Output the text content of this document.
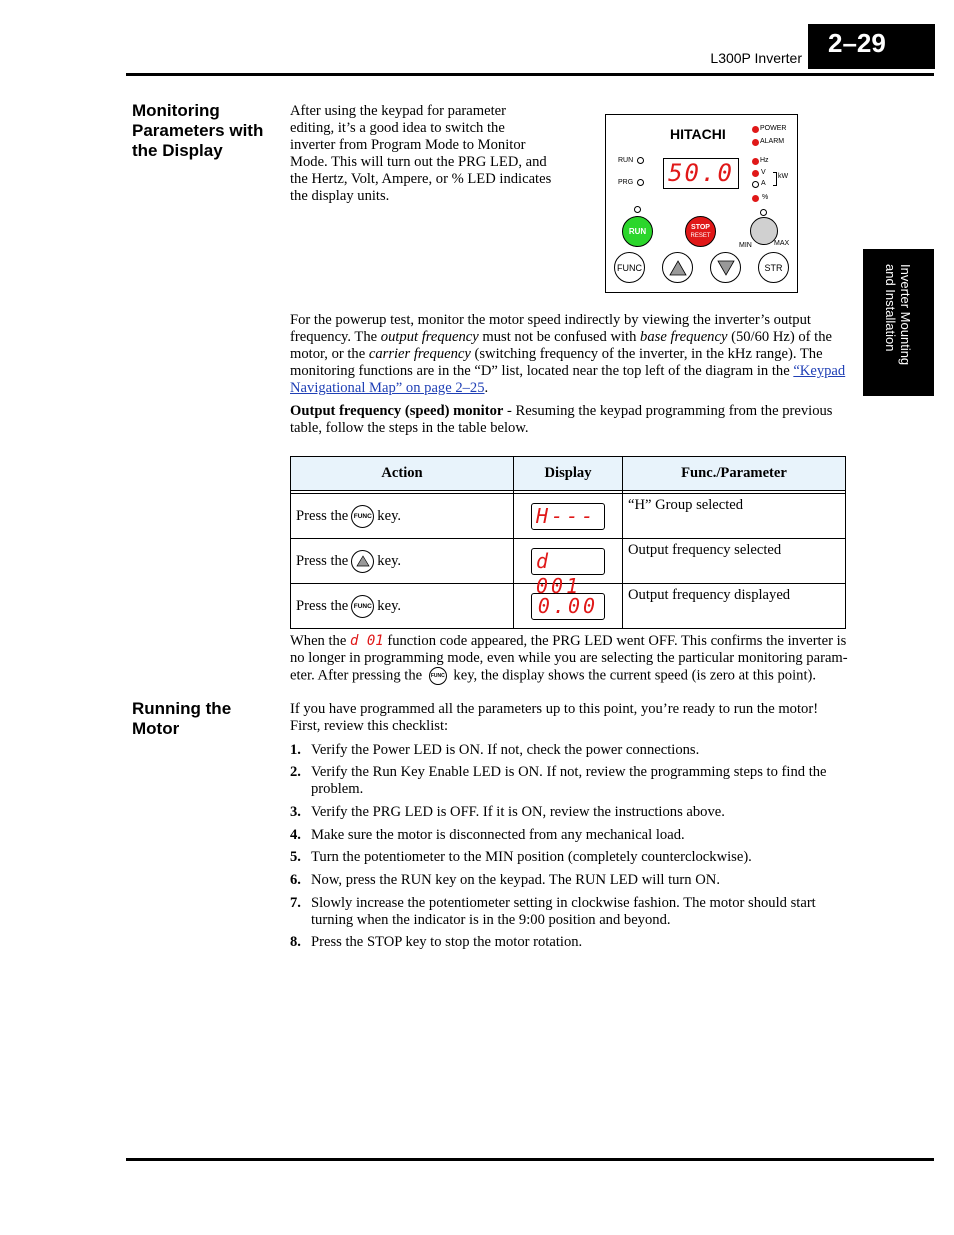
L300P Inverter 2–29
Inverter Mounting
and Installation
Monitoring Parameters with the Display
After using the keypad for parameter editing, it’s a good idea to switch the inverter from Program Mode to Monitor Mode. This will turn out the PRG LED, and the Hertz, Volt, Ampere, or % LED indicates the display units.
HITACHI	POWER
ALARM
RUN
PRG 50.0	Hz
V
A
kW
%
RUN	STOP
RESET
MIN	MAX
FUNC	STR
For the powerup test, monitor the motor speed indirectly by viewing the inverter’s output frequency. The output frequency must not be confused with base frequency (50/60 Hz) of the motor, or the carrier frequency (switching frequency of the inverter, in the kHz range). The monitoring functions are in the “D” list, located near the top left of the diagram in the “Keypad Navigational Map” on page 2–25.
Output frequency (speed) monitor - Resuming the keypad programming from the previous table, follow the steps in the table below.
Action	Display	Func./Parameter

Press the FUNC key.	H---	“H” Group selected
Press the key.	d 001	Output frequency selected
Press the FUNC key.	0.00	Output frequency displayed
When the d 01 function code appeared, the PRG LED went OFF. This confirms the inverter is no longer in programming mode, even while you are selecting the particular monitoring param- eter. After pressing the FUNC key, the display shows the current speed (is zero at this point).
Running the Motor
If you have programmed all the parameters up to this point, you’re ready to run the motor! First, review this checklist:
1. Verify the Power LED is ON. If not, check the power connections.
2. Verify the Run Key Enable LED is ON. If not, review the programming steps to find the problem.
3. Verify the PRG LED is OFF. If it is ON, review the instructions above.
4. Make sure the motor is disconnected from any mechanical load.
5. Turn the potentiometer to the MIN position (completely counterclockwise).
6. Now, press the RUN key on the keypad. The RUN LED will turn ON.
7. Slowly increase the potentiometer setting in clockwise fashion. The motor should start turning when the indicator is in the 9:00 position and beyond.
8. Press the STOP key to stop the motor rotation.
